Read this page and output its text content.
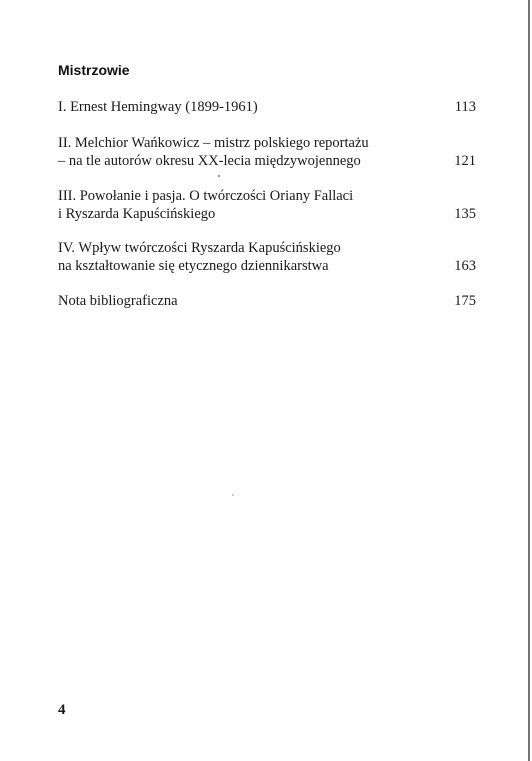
Mistrzowie
I. Ernest Hemingway (1899-1961)	113
II. Melchior Wańkowicz – mistrz polskiego reportażu
– na tle autorów okresu XX-lecia międzywojennego	121
III. Powołanie i pasja. O twórczości Oriany Fallaci
i Ryszarda Kapuścińskiego	135
IV. Wpływ twórczości Ryszarda Kapuścińskiego
na kształtowanie się etycznego dziennikarstwa	163
Nota bibliograficzna	175
4
